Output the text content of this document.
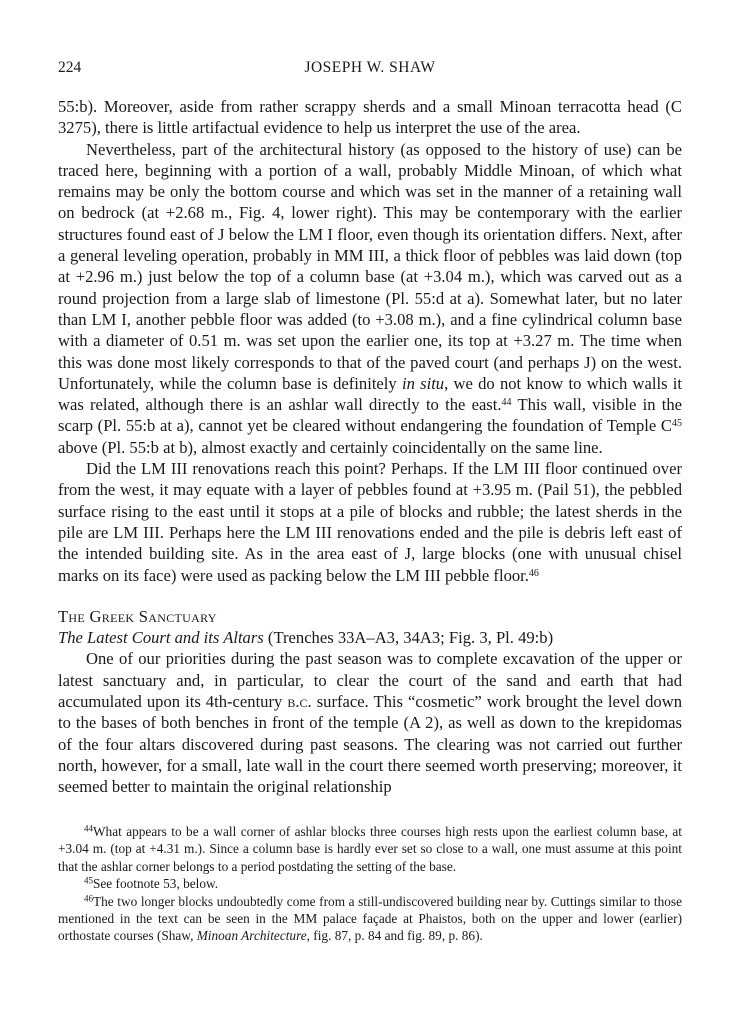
224	JOSEPH W. SHAW

55:b). Moreover, aside from rather scrappy sherds and a small Minoan terracotta head (C 3275), there is little artifactual evidence to help us interpret the use of the area.

Nevertheless, part of the architectural history (as opposed to the history of use) can be traced here, beginning with a portion of a wall, probably Middle Minoan, of which what remains may be only the bottom course and which was set in the manner of a retaining wall on bedrock (at +2.68 m., Fig. 4, lower right). This may be contemporary with the earlier structures found east of J below the LM I floor, even though its orientation differs. Next, after a general leveling operation, probably in MM III, a thick floor of pebbles was laid down (top at +2.96 m.) just below the top of a column base (at +3.04 m.), which was carved out as a round projection from a large slab of limestone (Pl. 55:d at a). Somewhat later, but no later than LM I, another pebble floor was added (to +3.08 m.), and a fine cylindrical column base with a diameter of 0.51 m. was set upon the earlier one, its top at +3.27 m. The time when this was done most likely corresponds to that of the paved court (and perhaps J) on the west. Unfortunately, while the column base is definitely in situ, we do not know to which walls it was related, although there is an ashlar wall directly to the east.$^{44}$ This wall, visible in the scarp (Pl. 55:b at a), cannot yet be cleared without endangering the foundation of Temple $C^{45}$ above (Pl. 55:b at b), almost exactly and certainly coincidentally on the same line.

Did the LM III renovations reach this point? Perhaps. If the LM III floor continued over from the west, it may equate with a layer of pebbles found at +3.95 m. (Pail 51), the pebbled surface rising to the east until it stops at a pile of blocks and rubble; the latest sherds in the pile are LM III. Perhaps here the LM III renovations ended and the pile is debris left east of the intended building site. As in the area east of J, large blocks (one with unusual chisel marks on its face) were used as packing below the LM III pebble floor.$^{46}$

The Greek Sanctuary

The Latest Court and its Altars (Trenches 33A–A3, 34A3; Fig. 3, Pl. 49:b)

One of our priorities during the past season was to complete excavation of the upper or latest sanctuary and, in particular, to clear the court of the sand and earth that had accumulated upon its 4th-century b.c. surface. This “cosmetic” work brought the level down to the bases of both benches in front of the temple (A 2), as well as down to the krepidomas of the four altars discovered during past seasons. The clearing was not carried out further north, however, for a small, late wall in the court there seemed worth preserving; moreover, it seemed better to maintain the original relationship

$^{44}$What appears to be a wall corner of ashlar blocks three courses high rests upon the earliest column base, at +3.04 m. (top at +4.31 m.). Since a column base is hardly ever set so close to a wall, one must assume at this point that the ashlar corner belongs to a period postdating the setting of the base.

$^{45}$See footnote 53, below.

$^{46}$The two longer blocks undoubtedly come from a still-undiscovered building near by. Cuttings similar to those mentioned in the text can be seen in the MM palace façade at Phaistos, both on the upper and lower (earlier) orthostate courses (Shaw, Minoan Architecture, fig. 87, p. 84 and fig. 89, p. 86).
